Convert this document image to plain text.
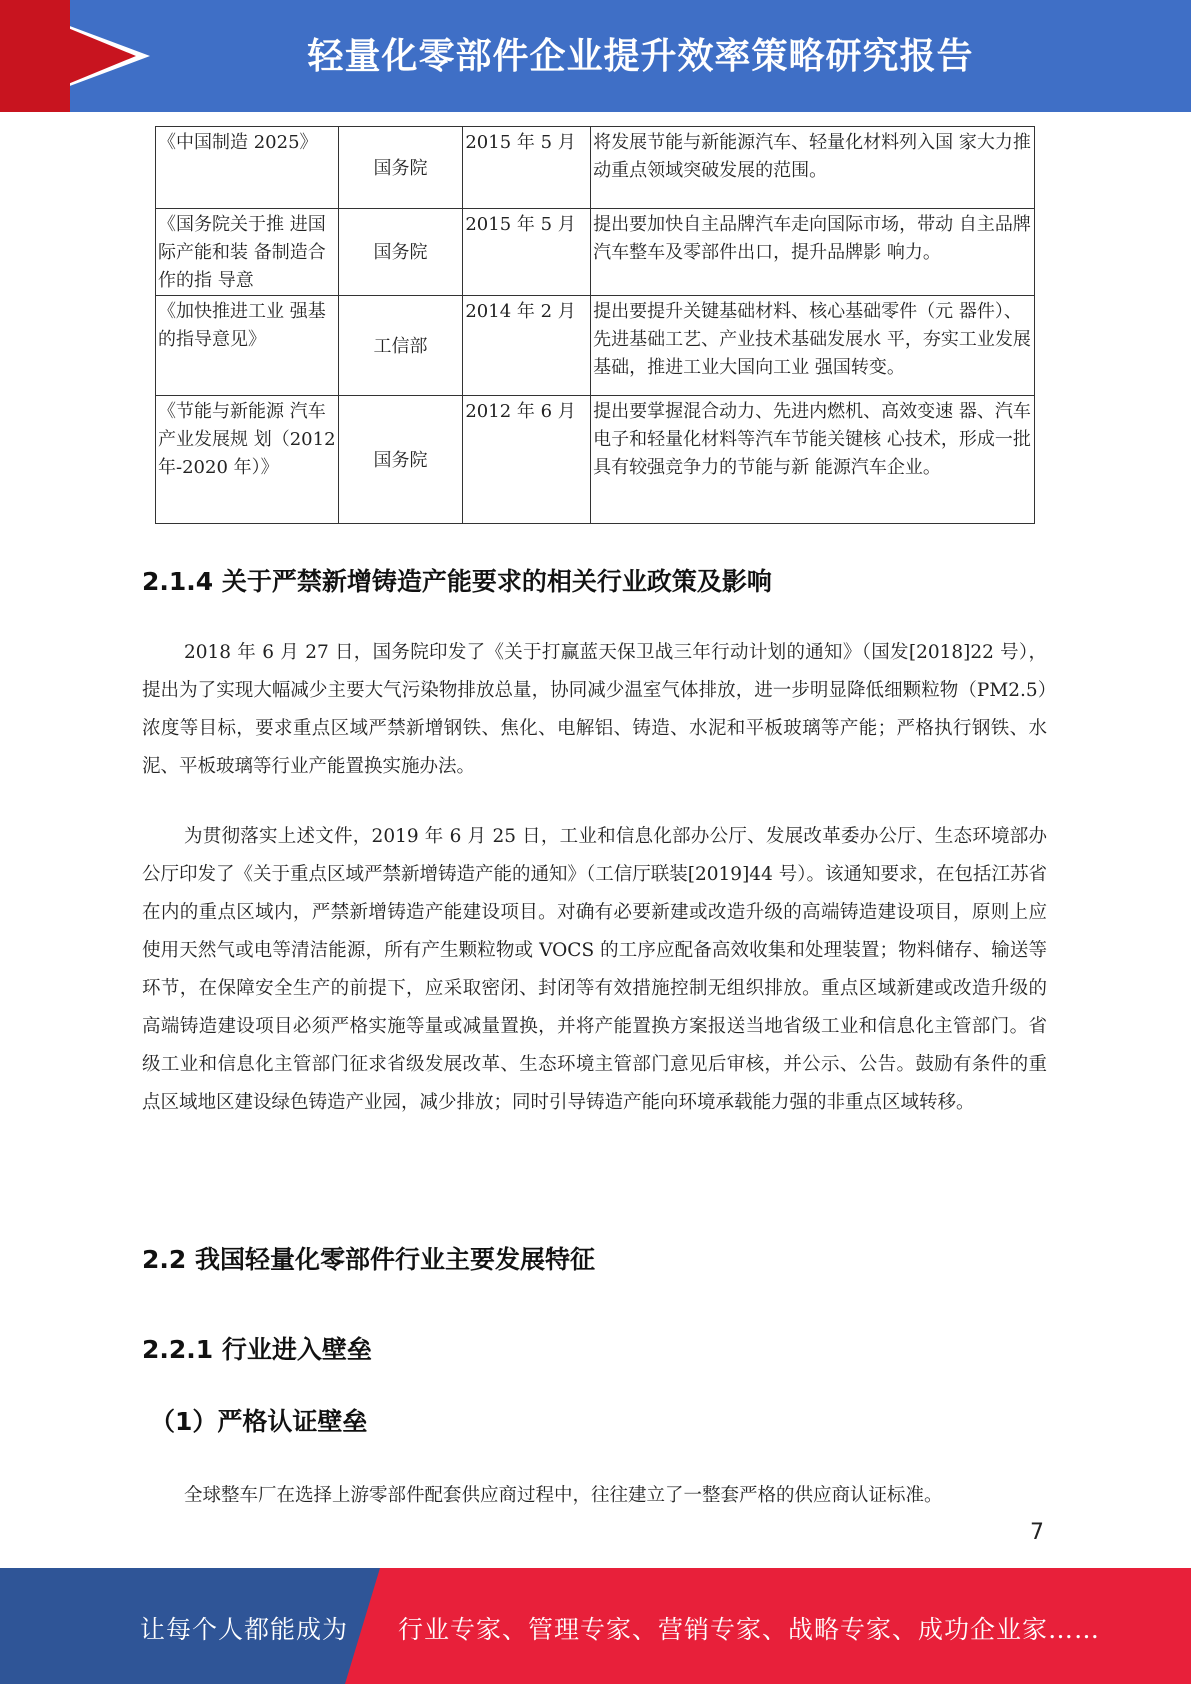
轻量化零部件企业提升效率策略研究报告
《中国制造 2025》	国务院	2015 年 5 月	将发展节能与新能源汽车、轻量化材料列入国 家大力推动重点领域突破发展的范围。
《国务院关于推 进国际产能和装 备制造合作的指 导意	国务院	2015 年 5 月	提出要加快自主品牌汽车走向国际市场，带动 自主品牌汽车整车及零部件出口，提升品牌影 响力。
《加快推进工业 强基的指导意见》	工信部	2014 年 2 月	提出要提升关键基础材料、核心基础零件（元 器件）、先进基础工艺、产业技术基础发展水 平，夯实工业发展基础，推进工业大国向工业 强国转变。
《节能与新能源 汽车产业发展规 划（2012 年-2020 年）》	国务院	2012 年 6 月	提出要掌握混合动力、先进内燃机、高效变速 器、汽车电子和轻量化材料等汽车节能关键核 心技术，形成一批具有较强竞争力的节能与新 能源汽车企业。
2.1.4 关于严禁新增铸造产能要求的相关行业政策及影响

2018 年 6 月 27 日，国务院印发了《关于打赢蓝天保卫战三年行动计划的通知》（国发[2018]22 号），提出为了实现大幅减少主要大气污染物排放总量，协同减少温室气体排放，进一步明显降低细颗粒物（PM2.5）浓度等目标，要求重点区域严禁新增钢铁、焦化、电解铝、铸造、水泥和平板玻璃等产能；严格执行钢铁、水泥、平板玻璃等行业产能置换实施办法。

为贯彻落实上述文件，2019 年 6 月 25 日，工业和信息化部办公厅、发展改革委办公厅、生态环境部办公厅印发了《关于重点区域严禁新增铸造产能的通知》（工信厅联装[2019]44 号）。该通知要求，在包括江苏省在内的重点区域内，严禁新增铸造产能建设项目。对确有必要新建或改造升级的高端铸造建设项目，原则上应使用天然气或电等清洁能源，所有产生颗粒物或 VOCS 的工序应配备高效收集和处理装置；物料储存、输送等环节，在保障安全生产的前提下，应采取密闭、封闭等有效措施控制无组织排放。重点区域新建或改造升级的高端铸造建设项目必须严格实施等量或减量置换，并将产能置换方案报送当地省级工业和信息化主管部门。省级工业和信息化主管部门征求省级发展改革、生态环境主管部门意见后审核，并公示、公告。鼓励有条件的重点区域地区建设绿色铸造产业园，减少排放；同时引导铸造产能向环境承载能力强的非重点区域转移。

2.2 我国轻量化零部件行业主要发展特征
2.2.1 行业进入壁垒
（1）严格认证壁垒

全球整车厂在选择上游零部件配套供应商过程中，往往建立了一整套严格的供应商认证标准。

7
让每个人都能成为 行业专家、管理专家、营销专家、战略专家、成功企业家……
